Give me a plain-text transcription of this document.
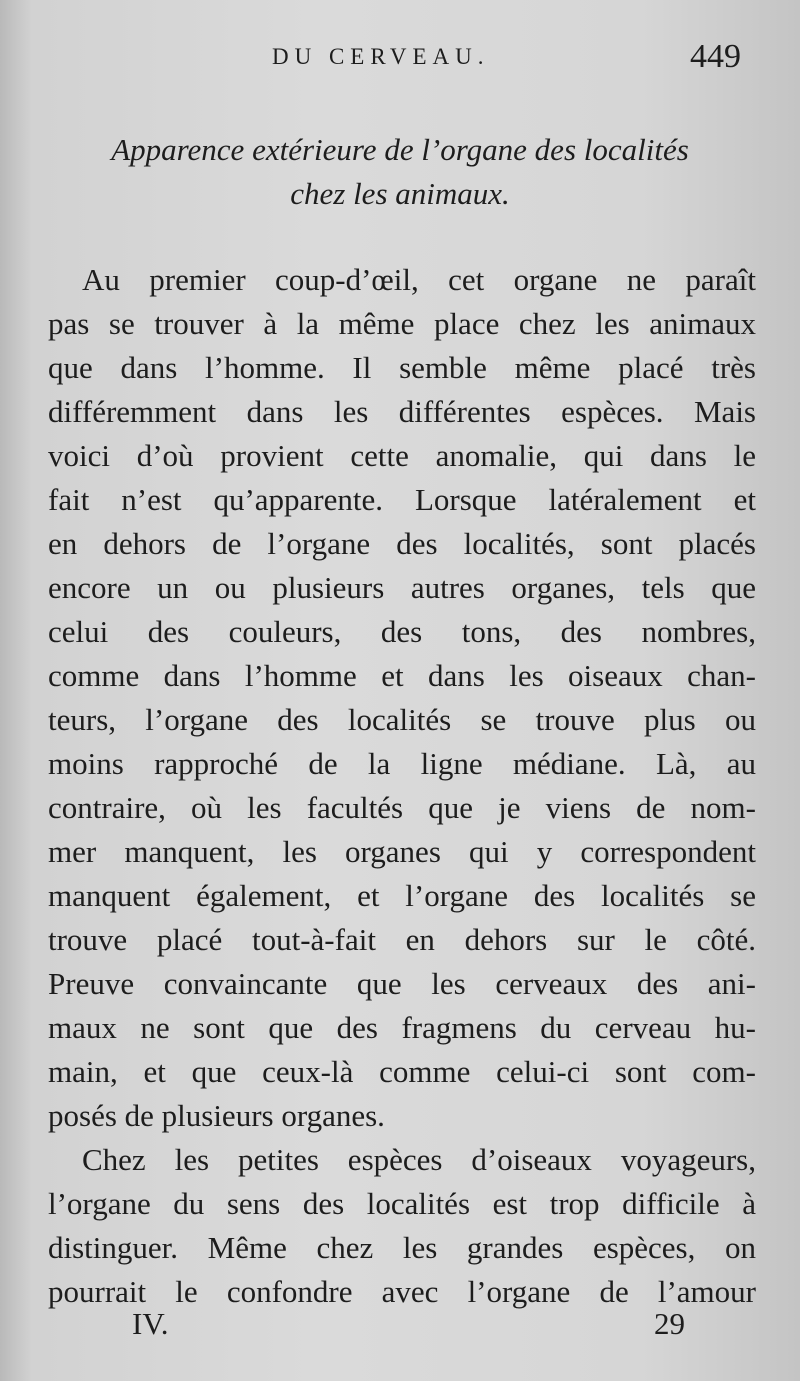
DU CERVEAU.	449
Apparence extérieure de l’organe des localités
chez les animaux.
Au premier coup-d’œil, cet organe ne paraît
pas se trouver à la même place chez les animaux
que dans l’homme. Il semble même placé très
différemment dans les différentes espèces. Mais
voici d’où provient cette anomalie, qui dans le
fait n’est qu’apparente. Lorsque latéralement et
en dehors de l’organe des localités, sont placés
encore un ou plusieurs autres organes, tels que
celui des couleurs, des tons, des nombres,
comme dans l’homme et dans les oiseaux chan-
teurs, l’organe des localités se trouve plus ou
moins rapproché de la ligne médiane. Là, au
contraire, où les facultés que je viens de nom-
mer manquent, les organes qui y correspondent
manquent également, et l’organe des localités se
trouve placé tout-à-fait en dehors sur le côté.
Preuve convaincante que les cerveaux des ani-
maux ne sont que des fragmens du cerveau hu-
main, et que ceux-là comme celui-ci sont com-
posés de plusieurs organes.
Chez les petites espèces d’oiseaux voyageurs,
l’organe du sens des localités est trop difficile à
distinguer. Même chez les grandes espèces, on
pourrait le confondre avec l’organe de l’amour
IV.	29
